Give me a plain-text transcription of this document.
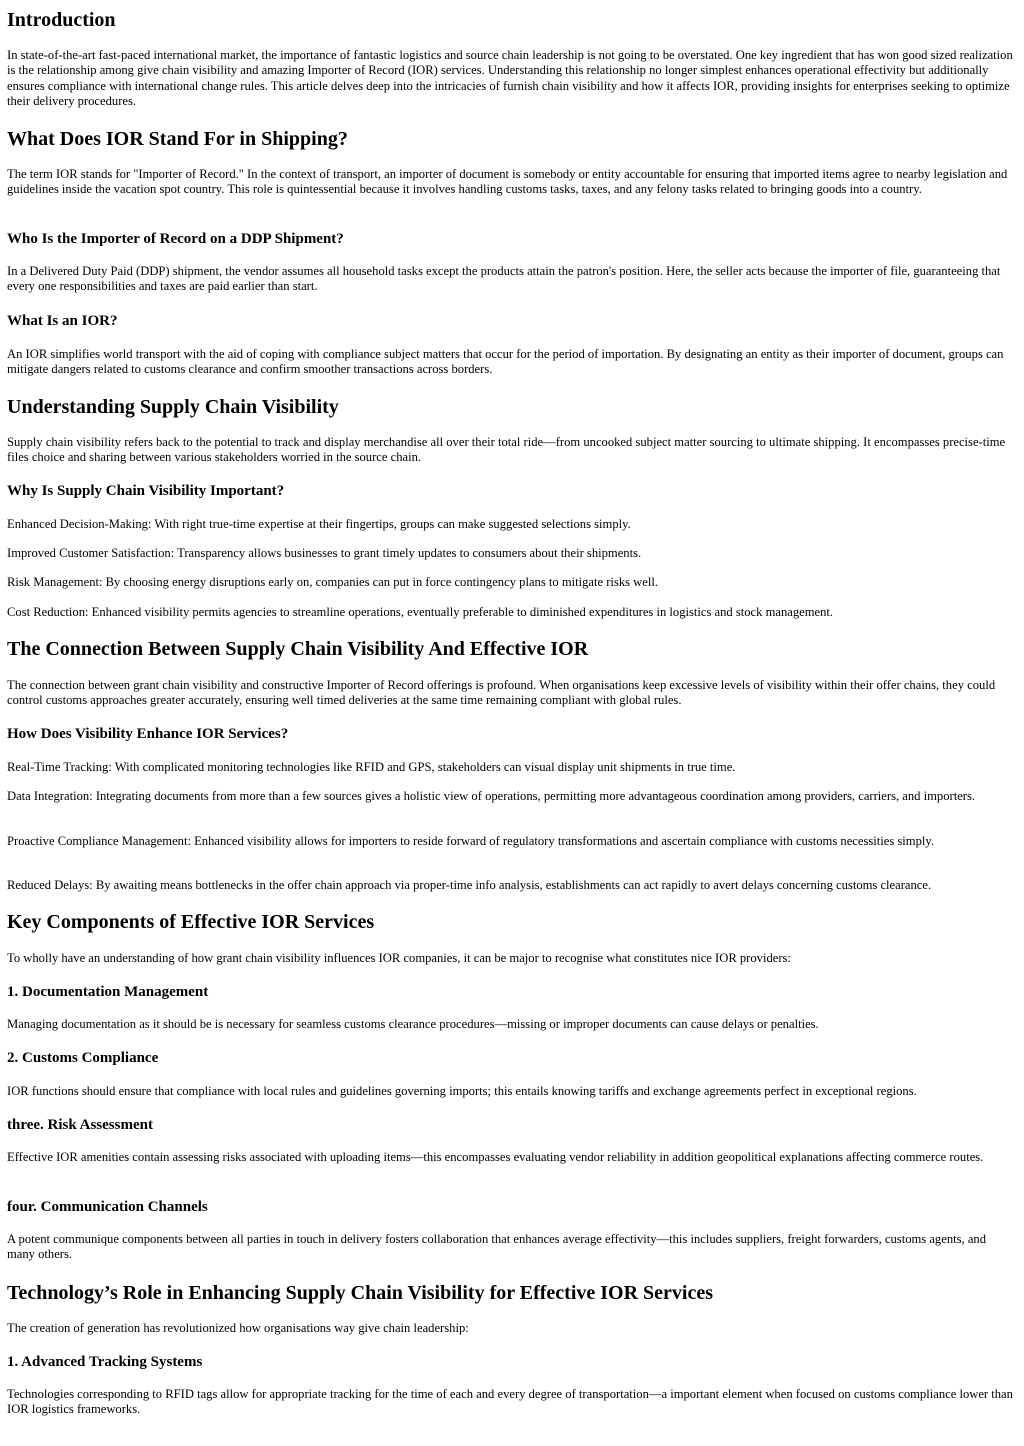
Introduction

In state-of-the-art fast-paced international market, the importance of fantastic logistics and source chain leadership is not going to be overstated. One key ingredient that has won good sized realization is the relationship among give chain visibility and amazing Importer of Record (IOR) services. Understanding this relationship no longer simplest enhances operational effectivity but additionally ensures compliance with international change rules. This article delves deep into the intricacies of furnish chain visibility and how it affects IOR, providing insights for enterprises seeking to optimize their delivery procedures.

What Does IOR Stand For in Shipping?

The term IOR stands for "Importer of Record." In the context of transport, an importer of document is somebody or entity accountable for ensuring that imported items agree to nearby legislation and guidelines inside the vacation spot country. This role is quintessential because it involves handling customs tasks, taxes, and any felony tasks related to bringing goods into a country.

Who Is the Importer of Record on a DDP Shipment?

In a Delivered Duty Paid (DDP) shipment, the vendor assumes all household tasks except the products attain the patron's position. Here, the seller acts because the importer of file, guaranteeing that every one responsibilities and taxes are paid earlier than start.

What Is an IOR?

An IOR simplifies world transport with the aid of coping with compliance subject matters that occur for the period of importation. By designating an entity as their importer of document, groups can mitigate dangers related to customs clearance and confirm smoother transactions across borders.

Understanding Supply Chain Visibility

Supply chain visibility refers back to the potential to track and display merchandise all over their total ride—from uncooked subject matter sourcing to ultimate shipping. It encompasses precise-time files choice and sharing between various stakeholders worried in the source chain.

Why Is Supply Chain Visibility Important?

Enhanced Decision-Making: With right true-time expertise at their fingertips, groups can make suggested selections simply.

Improved Customer Satisfaction: Transparency allows businesses to grant timely updates to consumers about their shipments.

Risk Management: By choosing energy disruptions early on, companies can put in force contingency plans to mitigate risks well.

Cost Reduction: Enhanced visibility permits agencies to streamline operations, eventually preferable to diminished expenditures in logistics and stock management.

The Connection Between Supply Chain Visibility And Effective IOR

The connection between grant chain visibility and constructive Importer of Record offerings is profound. When organisations keep excessive levels of visibility within their offer chains, they could control customs approaches greater accurately, ensuring well timed deliveries at the same time remaining compliant with global rules.

How Does Visibility Enhance IOR Services?

Real-Time Tracking: With complicated monitoring technologies like RFID and GPS, stakeholders can visual display unit shipments in true time.

Data Integration: Integrating documents from more than a few sources gives a holistic view of operations, permitting more advantageous coordination among providers, carriers, and importers.

Proactive Compliance Management: Enhanced visibility allows for importers to reside forward of regulatory transformations and ascertain compliance with customs necessities simply.

Reduced Delays: By awaiting means bottlenecks in the offer chain approach via proper-time info analysis, establishments can act rapidly to avert delays concerning customs clearance.

Key Components of Effective IOR Services

To wholly have an understanding of how grant chain visibility influences IOR companies, it can be major to recognise what constitutes nice IOR providers:

1. Documentation Management

Managing documentation as it should be is necessary for seamless customs clearance procedures—missing or improper documents can cause delays or penalties.

2. Customs Compliance

IOR functions should ensure that compliance with local rules and guidelines governing imports; this entails knowing tariffs and exchange agreements perfect in exceptional regions.

three. Risk Assessment

Effective IOR amenities contain assessing risks associated with uploading items—this encompasses evaluating vendor reliability in addition geopolitical explanations affecting commerce routes.

four. Communication Channels

A potent communique components between all parties in touch in delivery fosters collaboration that enhances average effectivity—this includes suppliers, freight forwarders, customs agents, and many others.

Technology’s Role in Enhancing Supply Chain Visibility for Effective IOR Services

The creation of generation has revolutionized how organisations way give chain leadership:

1. Advanced Tracking Systems

Technologies corresponding to RFID tags allow for appropriate tracking for the time of each and every degree of transportation—a important element when focused on customs compliance lower than IOR logistics frameworks.
